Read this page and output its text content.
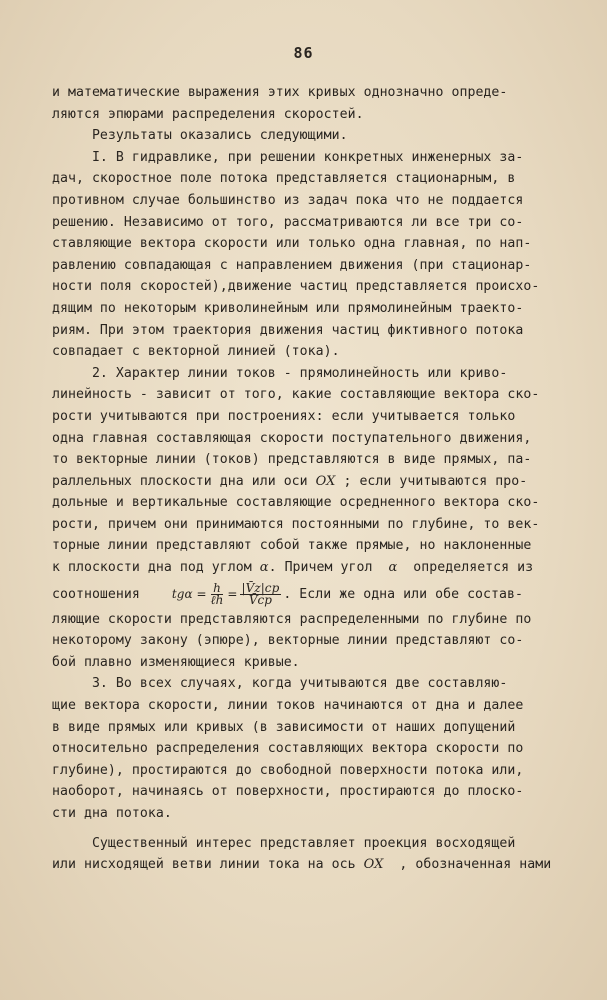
86
и математические выражения этих кривых однозначно опреде-
ляются эпюрами распределения скоростей.
Результаты оказались следующими.
I. В гидравлике, при решении конкретных инженерных за-
дач, скоростное поле потока представляется стационарным, в
противном случае большинство из задач пока что не поддается
решению. Независимо от того, рассматриваются ли все три со-
ставляющие вектора скорости или только одна главная, по нап-
равлению совпадающая с направлением движения (при стационар-
ности поля скоростей),движение частиц представляется происхо-
дящим по некоторым криволинейным или прямолинейным траекто-
риям. При этом траектория движения частиц фиктивного потока
совпадает с векторной линией (тока).
2. Характер линии токов - прямолинейность или криво-
линейность - зависит от того, какие составляющие вектора ско-
рости учитываются при построениях: если учитывается только
одна главная составляющая скорости поступательного движения,
то векторные линии (токов) представляются в виде прямых, па-
раллельных плоскости дна или оси OX ; если учитываются про-
дольные и вертикальные составляющие осредненного вектора ско-
рости, причем они принимаются постоянными по глубине, то век-
торные линии представляют собой также прямые, но наклоненные
к плоскости дна под углом α. Причем угол α определяется из
соотношения	$tg\alpha = \frac{h}{\text{ℓh}} = \frac{|V̄z|ср}{V̄ср}$ . Если же одна или обе состав-
ляющие скорости представляются распределенными по глубине по
некоторому закону (эпюре), векторные линии представляют со-
бой плавно изменяющиеся кривые.
3. Во всех случаях, когда учитываются две составляю-
щие вектора скорости, линии токов начинаются от дна и далее
в виде прямых или кривых (в зависимости от наших допущений
относительно распределения составляющих вектора скорости по
глубине), простираются до свободной поверхности потока или,
наоборот, начинаясь от поверхности, простираются до плоско-
сти дна потока.
Существенный интерес представляет проекция восходящей
или нисходящей ветви линии тока на ось OX , обозначенная нами
